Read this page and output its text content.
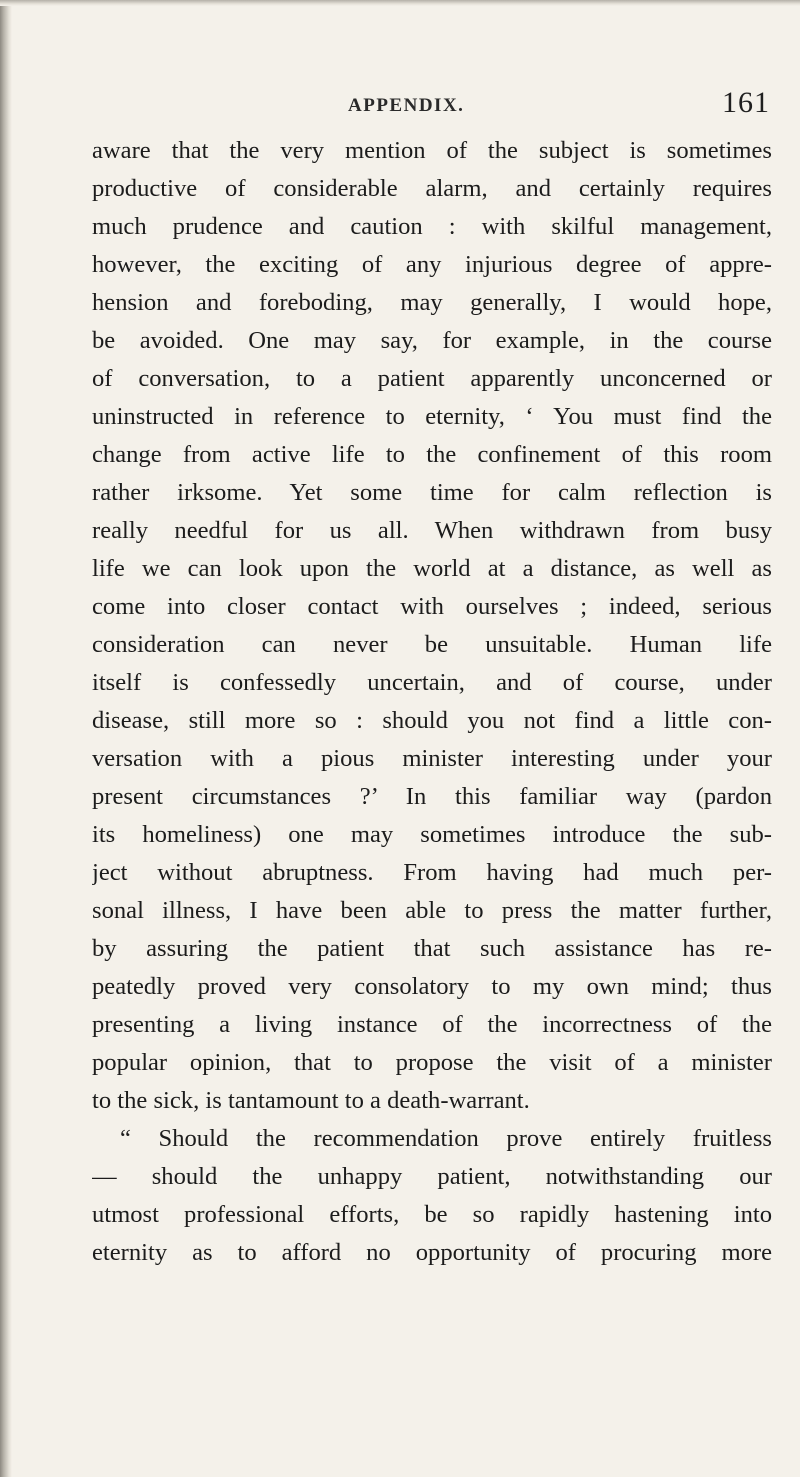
APPENDIX.	161
aware that the very mention of the subject is sometimes
productive of considerable alarm, and certainly requires
much prudence and caution : with skilful management,
however, the exciting of any injurious degree of appre-
hension and foreboding, may generally, I would hope,
be avoided. One may say, for example, in the course
of conversation, to a patient apparently unconcerned or
uninstructed in reference to eternity, ‘ You must find the
change from active life to the confinement of this room
rather irksome. Yet some time for calm reflection is
really needful for us all. When withdrawn from busy
life we can look upon the world at a distance, as well as
come into closer contact with ourselves ; indeed, serious
consideration can never be unsuitable. Human life
itself is confessedly uncertain, and of course, under
disease, still more so : should you not find a little con-
versation with a pious minister interesting under your
present circumstances ?’ In this familiar way (pardon
its homeliness) one may sometimes introduce the sub-
ject without abruptness. From having had much per-
sonal illness, I have been able to press the matter further,
by assuring the patient that such assistance has re-
peatedly proved very consolatory to my own mind; thus
presenting a living instance of the incorrectness of the
popular opinion, that to propose the visit of a minister
to the sick, is tantamount to a death-warrant.
“ Should the recommendation prove entirely fruitless
— should the unhappy patient, notwithstanding our
utmost professional efforts, be so rapidly hastening into
eternity as to afford no opportunity of procuring more
